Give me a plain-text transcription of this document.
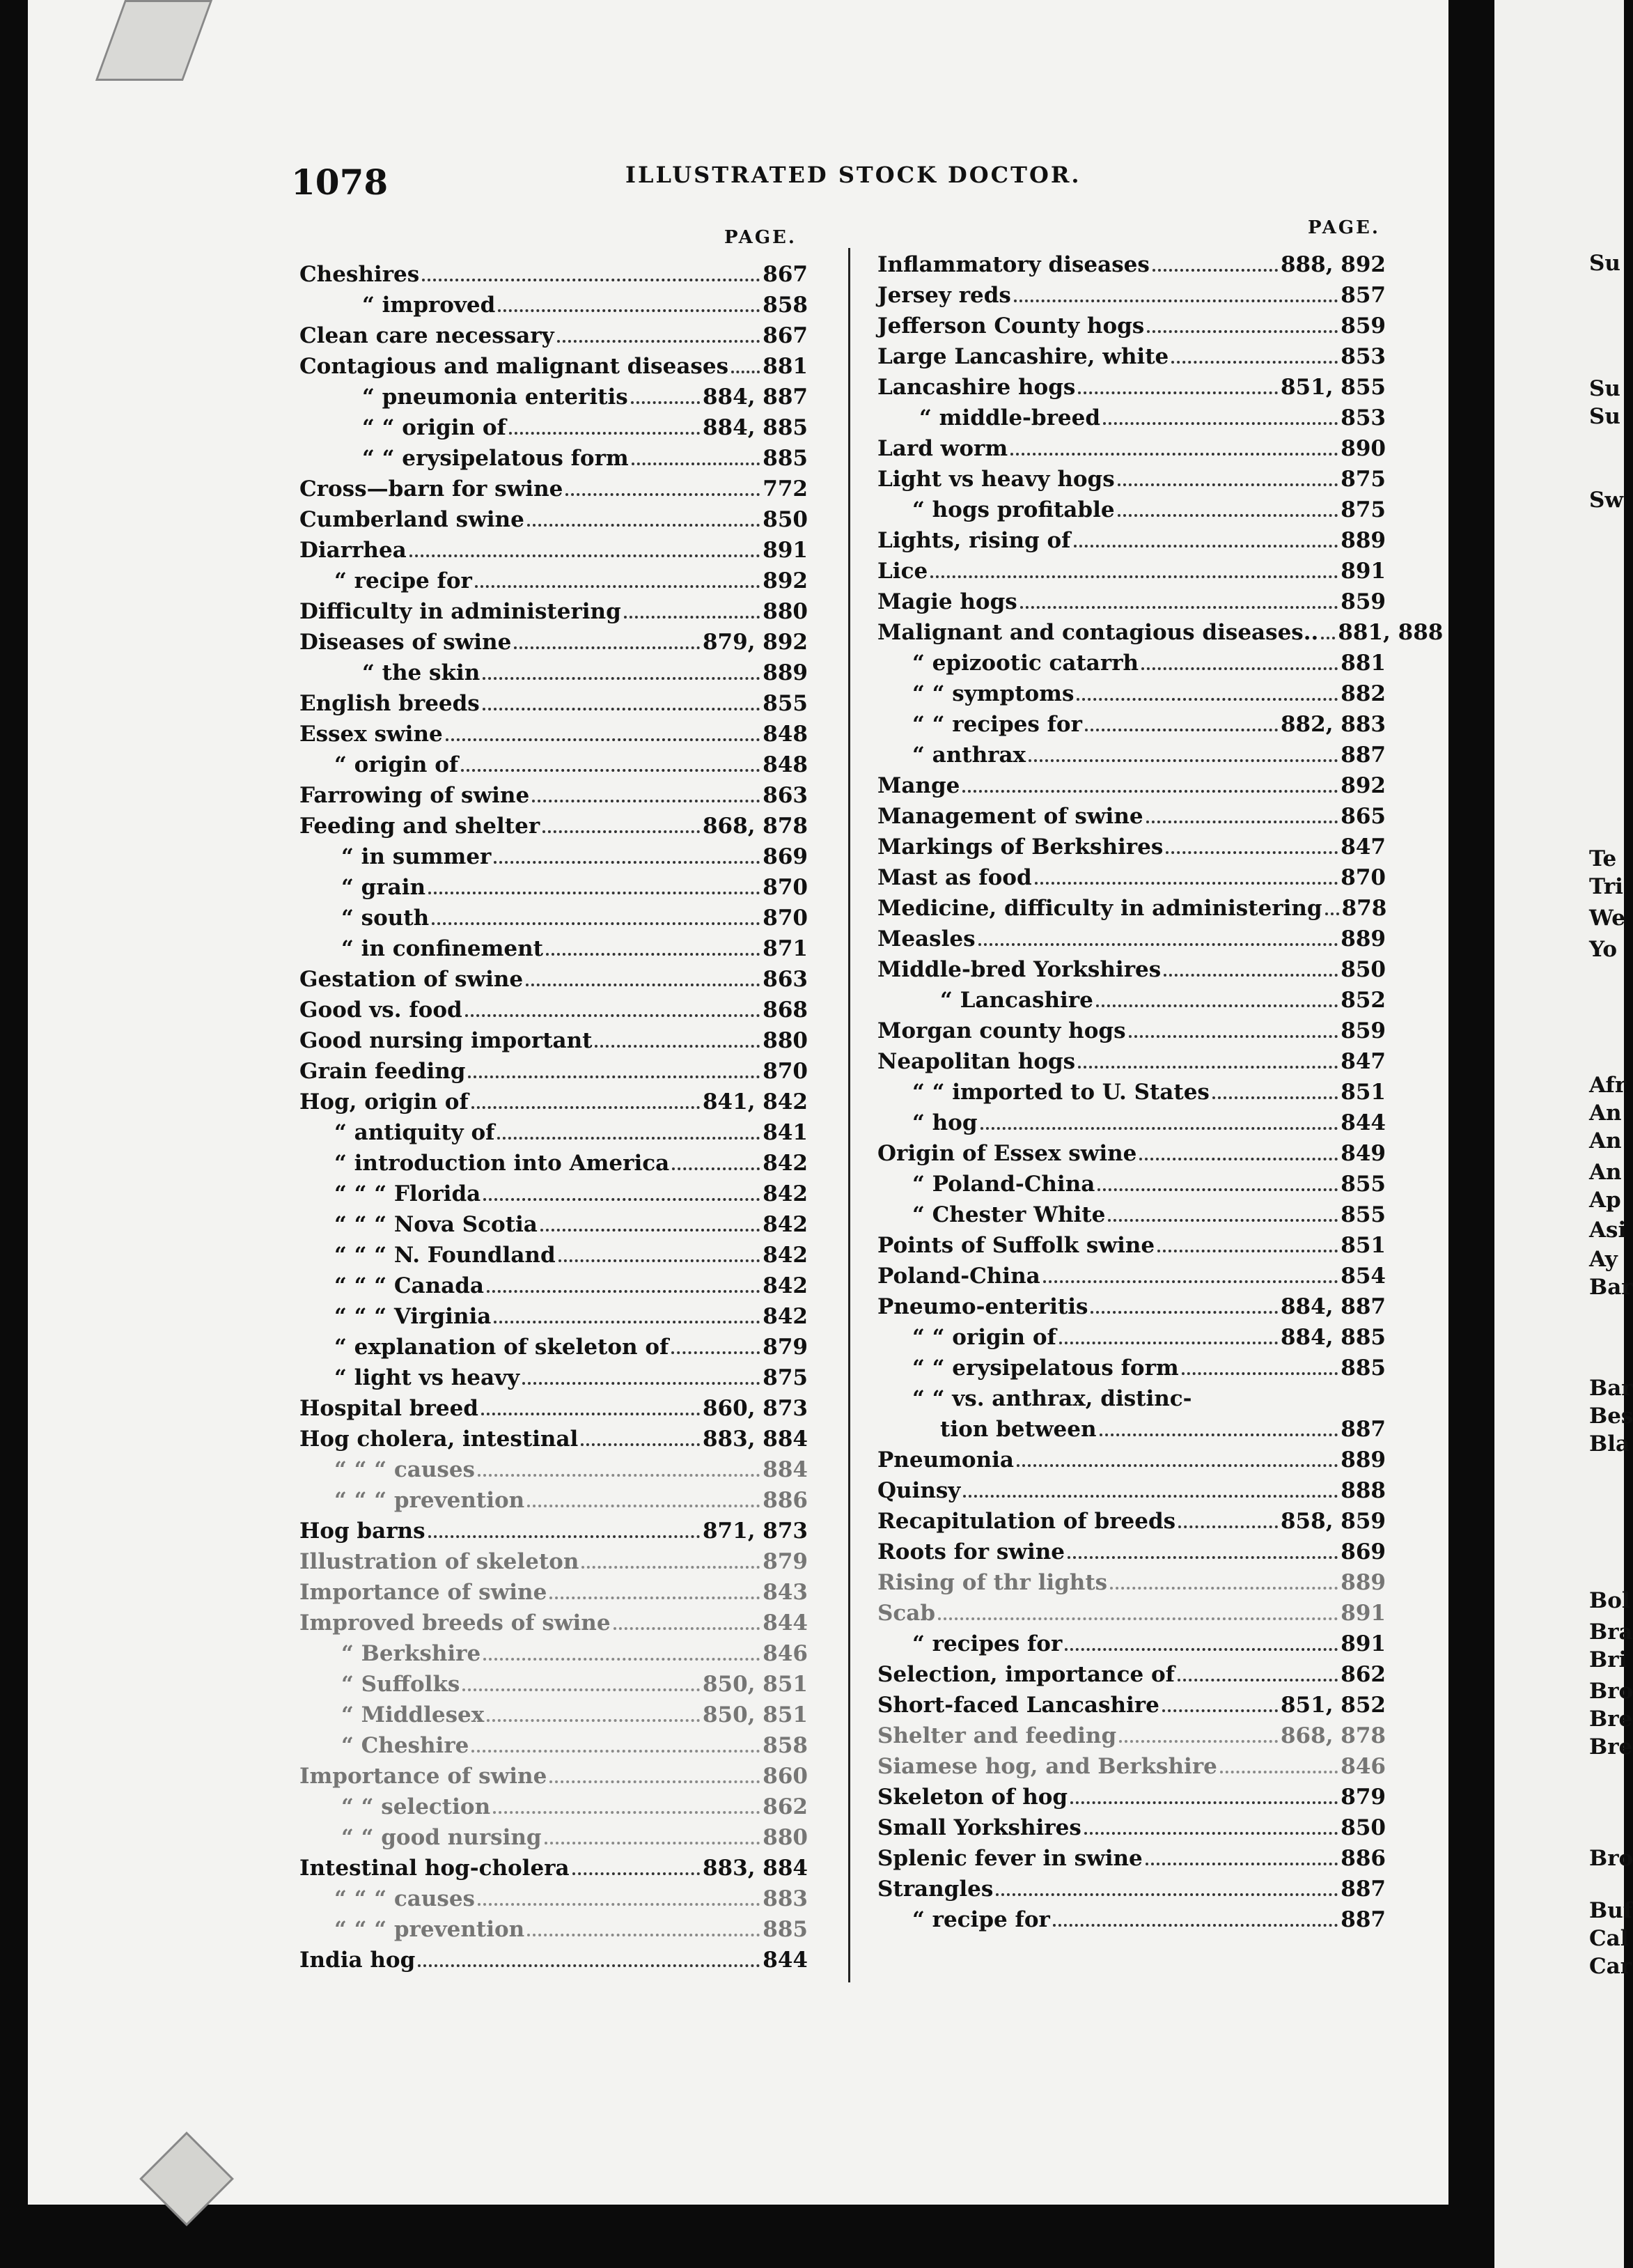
1078	ILLUSTRATED STOCK DOCTOR.
PAGE.	PAGE.
Cheshires	867
“ improved	858
Clean care necessary	867
Contagious and malignant diseases 881
“ pneumonia enteritis	884, 887
“ “ origin of	884, 885
“ “ erysipelatous form	885
Cross—barn for swine	772
Cumberland swine	850
Diarrhea	891
“ recipe for	892
Difficulty in administering	880
Diseases of swine	879, 892
“ the skin	889
English breeds	855
Essex swine	848
“ origin of	848
Farrowing of swine	863
Feeding and shelter	868, 878
“ in summer	869
“ grain	870
“ south	870
“ in confinement	871
Gestation of swine	863
Good vs. food	868
Good nursing important	880
Grain feeding	870
Hog, origin of	841, 842
“ antiquity of	841
“ introduction into America	842
“ “ “ Florida	842
“ “ “ Nova Scotia	842
“ “ “ N. Foundland	842
“ “ “ Canada	842
“ “ “ Virginia	842
“ explanation of skeleton of	879
“ light vs heavy	875
Hospital breed	860, 873
Hog cholera, intestinal	883, 884
“ “ “ causes	884
“ “ “ prevention	886
Hog barns	871, 873
Illustration of skeleton	879
Importance of swine	843
Improved breeds of swine	844
“ Berkshire	846
“ Suffolks	850, 851
“ Middlesex	850, 851
“ Cheshire	858
Importance of swine	860
“ “ selection	862
“ “ good nursing	880
Intestinal hog-cholera	883, 884
“ “ “ causes	883
“ “ “ prevention	885
India hog	844
Inflammatory diseases	888, 892
Jersey reds	857
Jefferson County hogs	859
Large Lancashire, white	853
Lancashire hogs	851, 855
“ middle-breed	853
Lard worm	890
Light vs heavy hogs	875
“ hogs profitable	875
Lights, rising of	889
Lice	891
Magie hogs	859
Malignant and contagious diseases.. 881, 888
“ epizootic catarrh	881
“ “ symptoms	882
“ “ recipes for	882, 883
“ anthrax	887
Mange	892
Management of swine	865
Markings of Berkshires	847
Mast as food	870
Medicine, difficulty in administering 878
Measles	889
Middle-bred Yorkshires	850
“ Lancashire	852
Morgan county hogs	859
Neapolitan hogs	847
“ “ imported to U. States	851
“ hog	844
Origin of Essex swine	849
“ Poland-China	855
“ Chester White	855
Points of Suffolk swine	851
Poland-China	854
Pneumo-enteritis	884, 887
“ “ origin of	884, 885
“ “ erysipelatous form	885
“ “ vs. anthrax, distinc-
tion between	887
Pneumonia	889
Quinsy	888
Recapitulation of breeds	858, 859
Roots for swine	869
Rising of thr lights	889
Scab	891
“ recipes for	891
Selection, importance of	862
Short-faced Lancashire	851, 852
Shelter and feeding	868, 878
Siamese hog, and Berkshire	846
Skeleton of hog	879
Small Yorkshires	850
Splenic fever in swine	886
Strangles	887
“ recipe for	887
Su
Su
Su
Sw
Te
Tri
We
Yo
Afr
An
An
An
Ap
Asi
Ay
Bar
Bar
Bes
Bla
Bol
Bra
Bri
Bro
Bre
Bre
Bro
Buf
Cal
Car
